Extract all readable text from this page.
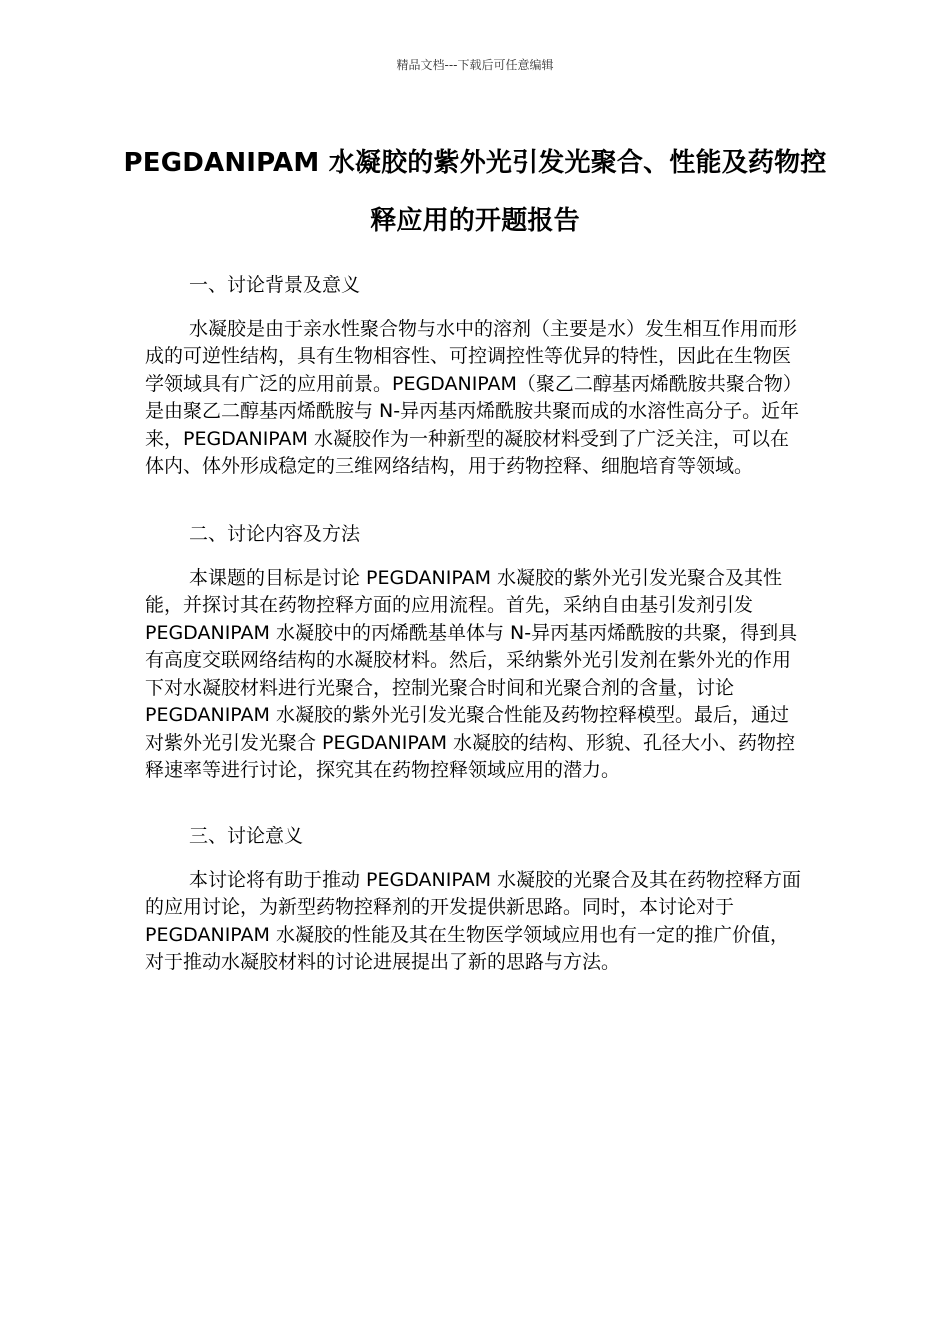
精品文档---下载后可任意编辑
PEGDANIPAM 水凝胶的紫外光引发光聚合、性能及药物控释应用的开题报告
一、讨论背景及意义
水凝胶是由于亲水性聚合物与水中的溶剂（主要是水）发生相互作用而形成的可逆性结构，具有生物相容性、可控调控性等优异的特性，因此在生物医学领域具有广泛的应用前景。PEGDANIPAM（聚乙二醇基丙烯酰胺共聚合物）是由聚乙二醇基丙烯酰胺与 N-异丙基丙烯酰胺共聚而成的水溶性高分子。近年来，PEGDANIPAM 水凝胶作为一种新型的凝胶材料受到了广泛关注，可以在体内、体外形成稳定的三维网络结构，用于药物控释、细胞培育等领域。
二、讨论内容及方法
本课题的目标是讨论 PEGDANIPAM 水凝胶的紫外光引发光聚合及其性能，并探讨其在药物控释方面的应用流程。首先，采纳自由基引发剂引发 PEGDANIPAM 水凝胶中的丙烯酰基单体与 N-异丙基丙烯酰胺的共聚，得到具有高度交联网络结构的水凝胶材料。然后，采纳紫外光引发剂在紫外光的作用下对水凝胶材料进行光聚合，控制光聚合时间和光聚合剂的含量，讨论 PEGDANIPAM 水凝胶的紫外光引发光聚合性能及药物控释模型。最后，通过对紫外光引发光聚合 PEGDANIPAM 水凝胶的结构、形貌、孔径大小、药物控释速率等进行讨论，探究其在药物控释领域应用的潜力。
三、讨论意义
本讨论将有助于推动 PEGDANIPAM 水凝胶的光聚合及其在药物控释方面的应用讨论，为新型药物控释剂的开发提供新思路。同时，本讨论对于 PEGDANIPAM 水凝胶的性能及其在生物医学领域应用也有一定的推广价值，对于推动水凝胶材料的讨论进展提出了新的思路与方法。
